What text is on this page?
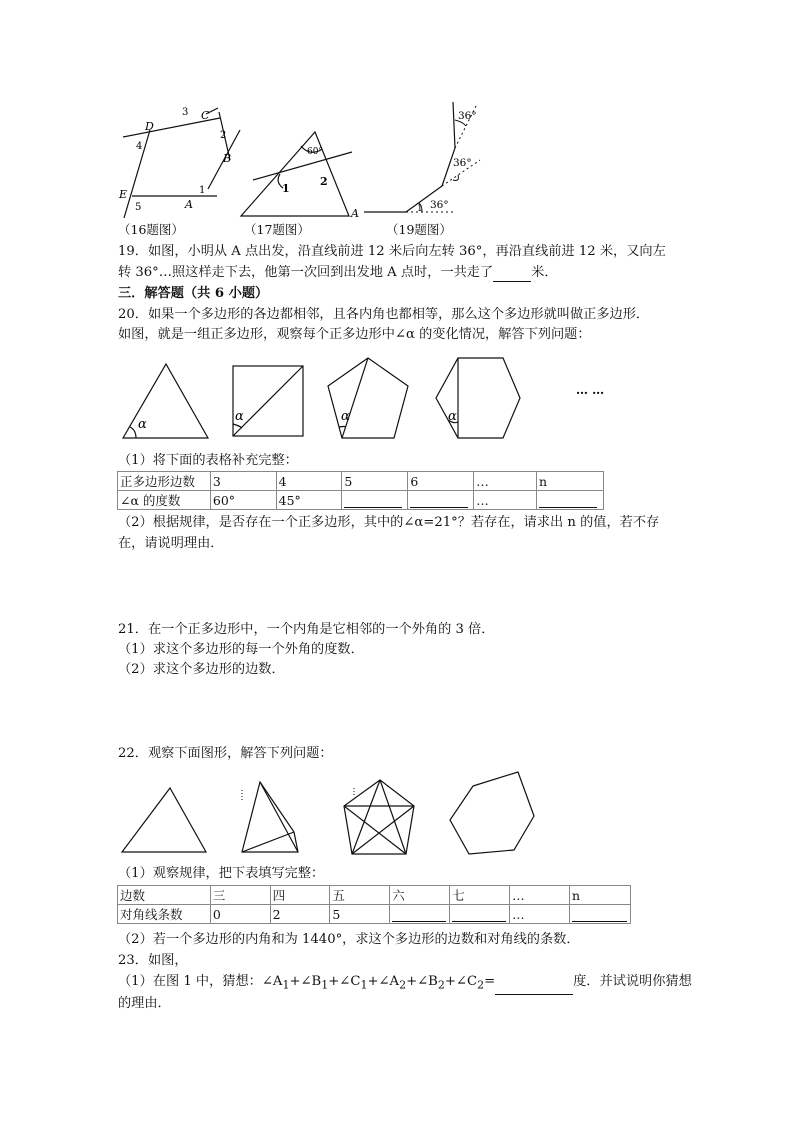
D
C
B
A
E	1
2
3
4
5
（16题图）
60°
1
2
A
（17题图）
36°
36°
36°
1
（19题图）
19．如图，小明从 A 点出发，沿直线前进 12 米后向左转 36°，再沿直线前进 12 米，又向左
转 36°…照这样走下去，他第一次回到出发地 A 点时，一共走了	米．
三．解答题（共 6 小题）
20．如果一个多边形的各边都相邻，且各内角也都相等，那么这个多边形就叫做正多边形．
如图，就是一组正多边形，观察每个正多边形中∠α 的变化情况，解答下列问题：
α
α	α	α
… …
（1）将下面的表格补充完整：
正多边形边数	3	4	5	6	…	n
∠α 的度数	60°	45°			…	
（2）根据规律，是否存在一个正多边形，其中的∠α=21°？若存在，请求出 n 的值，若不存
在，请说明理由．
21．在一个正多边形中，一个内角是它相邻的一个外角的 3 倍．
（1）求这个多边形的每一个外角的度数．
（2）求这个多边形的边数．
22．观察下面图形，解答下列问题：
（1）观察规律，把下表填写完整：
边数	三	四	五	六	七	…	n
对角线条数	0	2	5			…	
（2）若一个多边形的内角和为 1440°，求这个多边形的边数和对角线的条数．
23．如图，
（1）在图 1 中，猜想：$\angle A_1+\angle B_1+\angle C_1+\angle A_2+\angle B_2+\angle C_2=$	度．并试说明你猜想
的理由．
